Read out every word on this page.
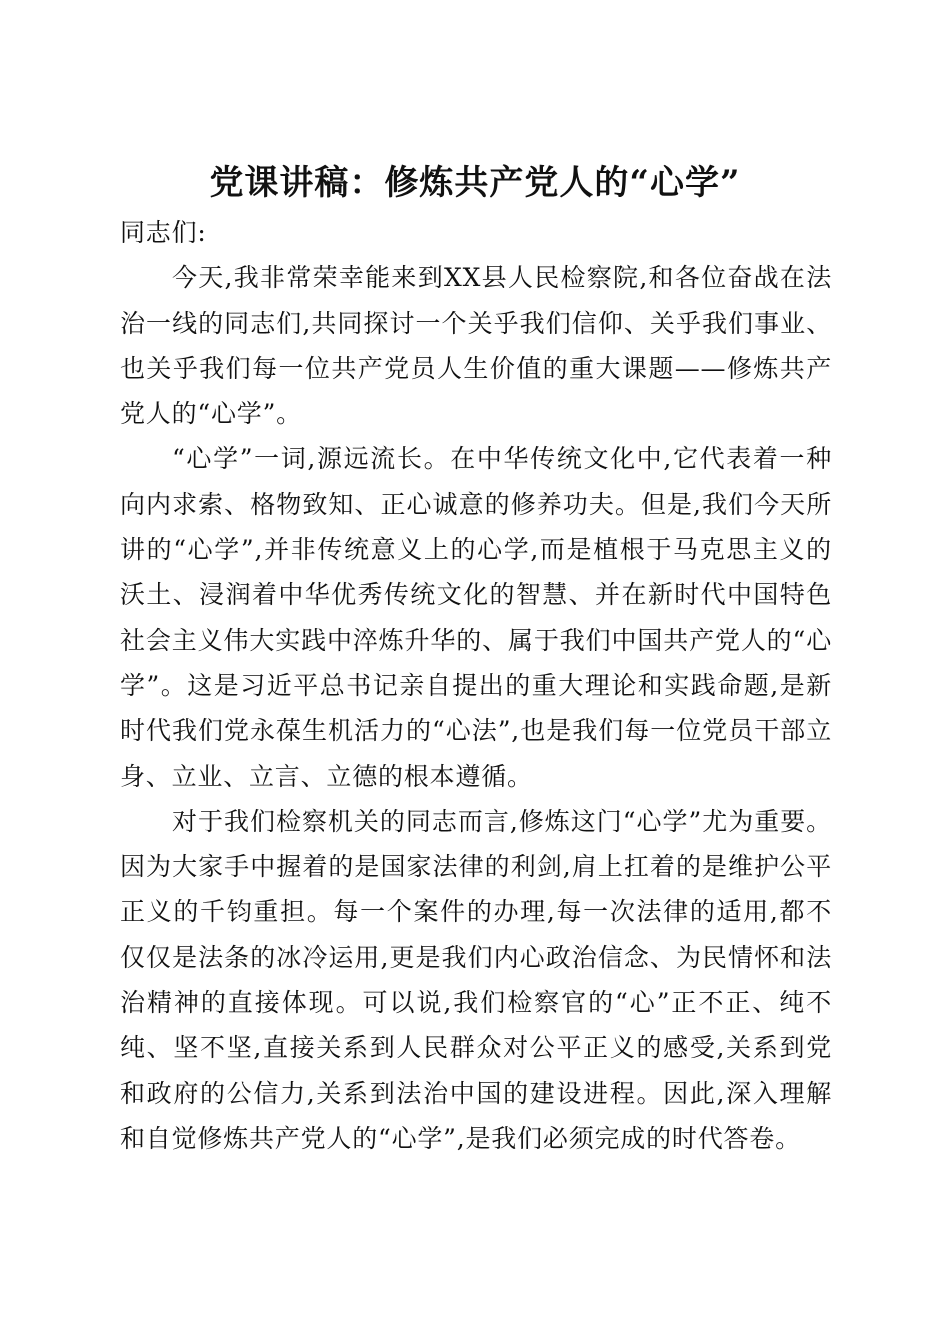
党课讲稿：修炼共产党人的“心学”

同志们:

今天,我非常荣幸能来到XX县人民检察院,和各位奋战在法治一线的同志们,共同探讨一个关乎我们信仰、关乎我们事业、也关乎我们每一位共产党员人生价值的重大课题——修炼共产党人的“心学”。

“心学”一词,源远流长。在中华传统文化中,它代表着一种向内求索、格物致知、正心诚意的修养功夫。但是,我们今天所讲的“心学”,并非传统意义上的心学,而是植根于马克思主义的沃土、浸润着中华优秀传统文化的智慧、并在新时代中国特色社会主义伟大实践中淬炼升华的、属于我们中国共产党人的“心学”。这是习近平总书记亲自提出的重大理论和实践命题,是新时代我们党永葆生机活力的“心法”,也是我们每一位党员干部立身、立业、立言、立德的根本遵循。

对于我们检察机关的同志而言,修炼这门“心学”尤为重要。因为大家手中握着的是国家法律的利剑,肩上扛着的是维护公平正义的千钧重担。每一个案件的办理,每一次法律的适用,都不仅仅是法条的冰冷运用,更是我们内心政治信念、为民情怀和法治精神的直接体现。可以说,我们检察官的“心”正不正、纯不纯、坚不坚,直接关系到人民群众对公平正义的感受,关系到党和政府的公信力,关系到法治中国的建设进程。因此,深入理解和自觉修炼共产党人的“心学”,是我们必须完成的时代答卷。
